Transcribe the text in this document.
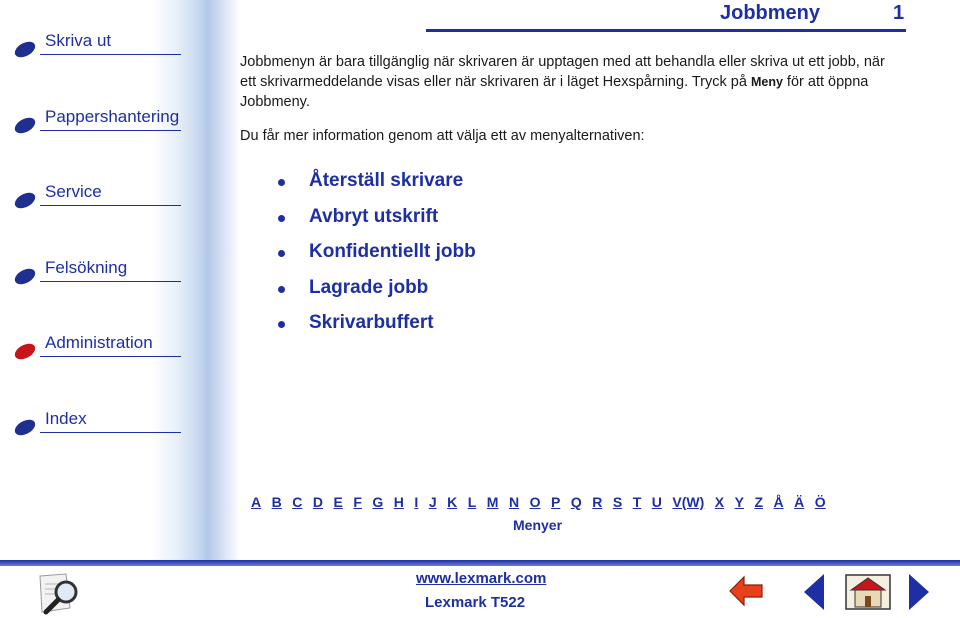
Skriva ut
Pappershantering
Service
Felsökning
Administration
Index
Jobbmeny	1
Jobbmenyn är bara tillgänglig när skrivaren är upptagen med att behandla eller skriva ut ett jobb, när ett skrivarmeddelande visas eller när skrivaren är i läget Hexspårning. Tryck på Meny för att öppna Jobbmeny.
Du får mer information genom att välja ett av menyalternativen:
Återställ skrivare
Avbryt utskrift
Konfidentiellt jobb
Lagrade jobb
Skrivarbuffert
A B C D E F G H I J K L M N O P Q R S T U V(W) X Y Z Å Ä Ö
Menyer
www.lexmark.com
Lexmark T522
